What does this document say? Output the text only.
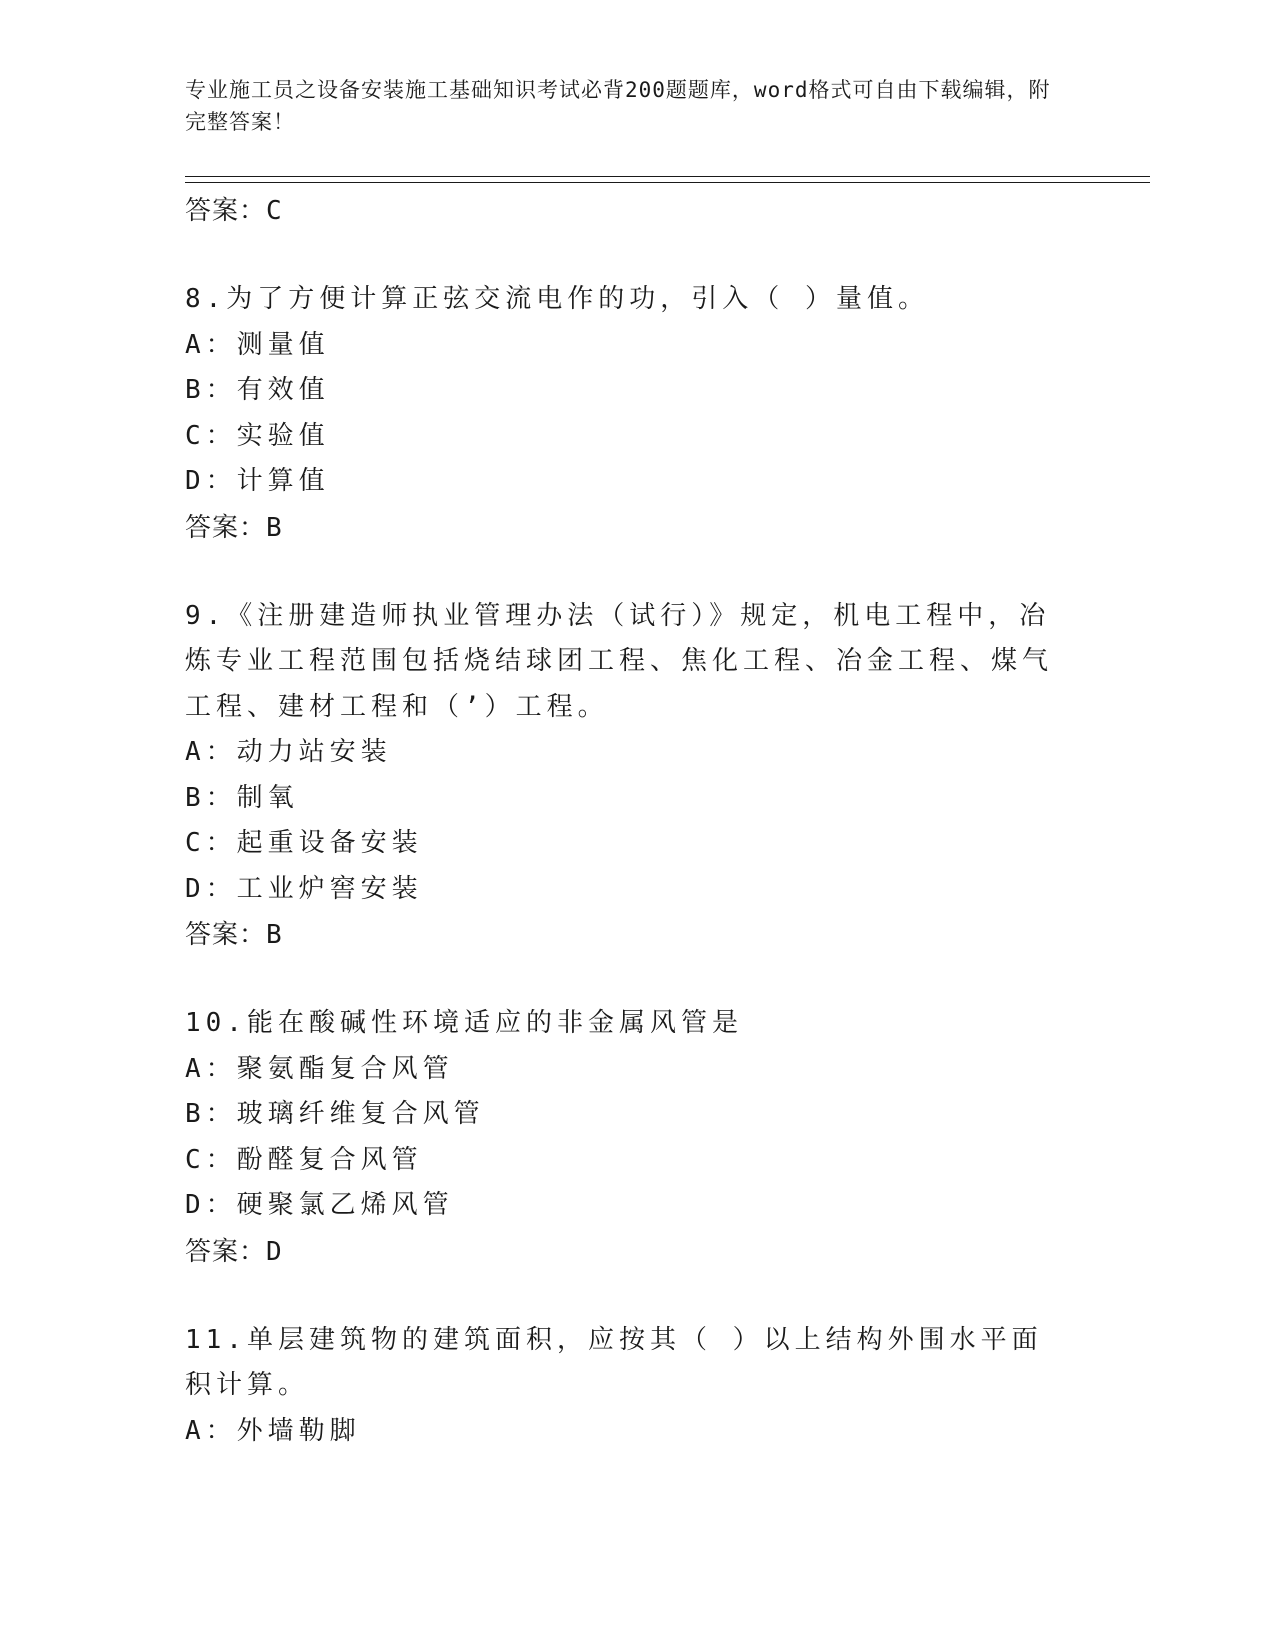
专业施工员之设备安装施工基础知识考试必背200题题库，word格式可自由下载编辑，附完整答案！
答案：C
8.为了方便计算正弦交流电作的功，引入（ ）量值。
A：测量值
B：有效值
C：实验值
D：计算值
答案：B
9.《注册建造师执业管理办法（试行）》规定，机电工程中，冶炼专业工程范围包括烧结球团工程、焦化工程、冶金工程、煤气工程、建材工程和（’）工程。
A：动力站安装
B：制氧
C：起重设备安装
D：工业炉窖安装
答案：B
10.能在酸碱性环境适应的非金属风管是
A：聚氨酯复合风管
B：玻璃纤维复合风管
C：酚醛复合风管
D：硬聚氯乙烯风管
答案：D
11.单层建筑物的建筑面积，应按其（ ）以上结构外围水平面积计算。
A：外墙勒脚
